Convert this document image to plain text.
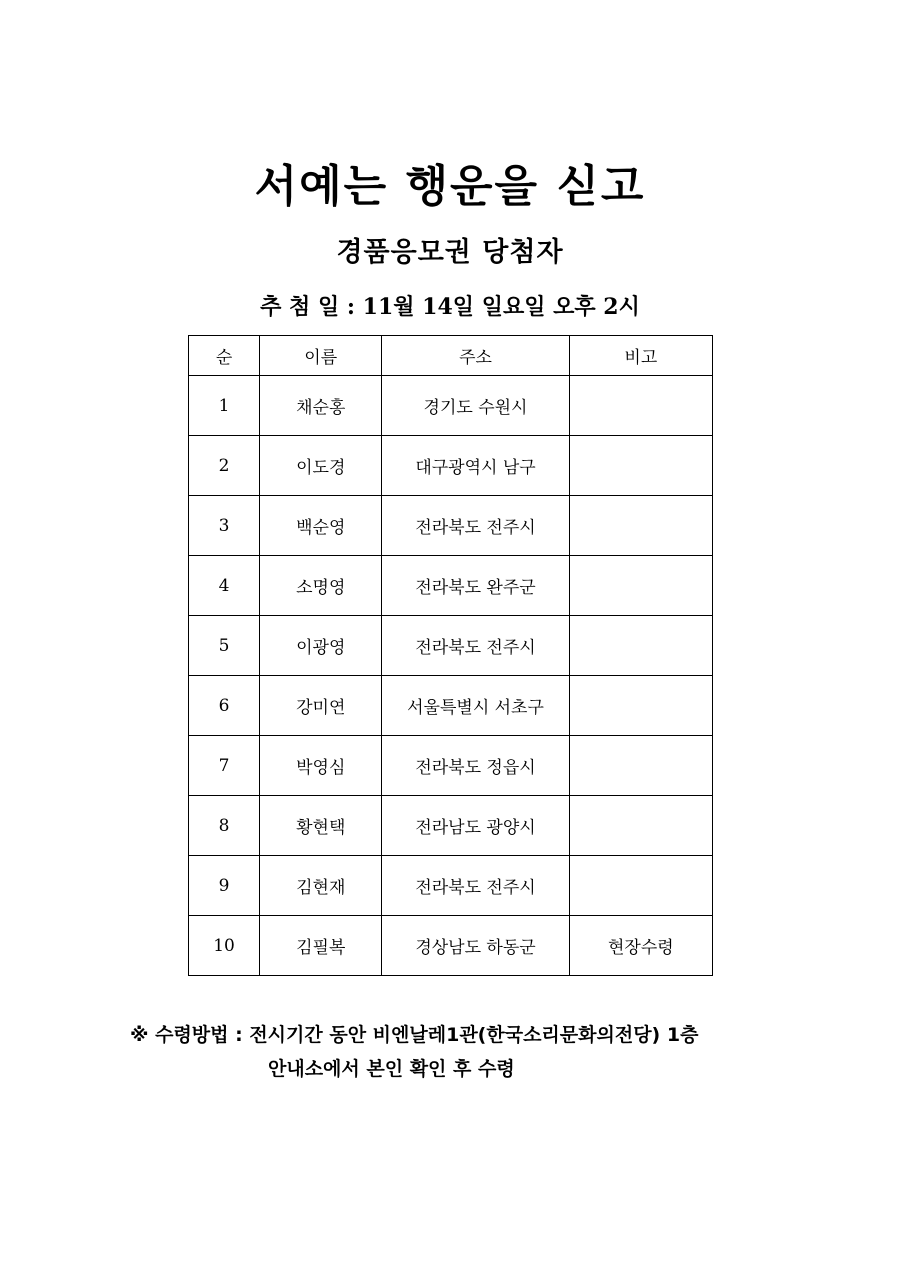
서예는 행운을 싣고
경품응모권 당첨자

추 첨 일 : 11월 14일 일요일 오후 2시

순	이름	주소	비고
1	채순홍	경기도 수원시	
2	이도경	대구광역시 남구	
3	백순영	전라북도 전주시	
4	소명영	전라북도 완주군	
5	이광영	전라북도 전주시	
6	강미연	서울특별시 서초구	
7	박영심	전라북도 정읍시	
8	황현택	전라남도 광양시	
9	김현재	전라북도 전주시	
10	김필복	경상남도 하동군	현장수령
※ 수령방법 : 전시기간 동안 비엔날레1관(한국소리문화의전당) 1층
안내소에서 본인 확인 후 수령
